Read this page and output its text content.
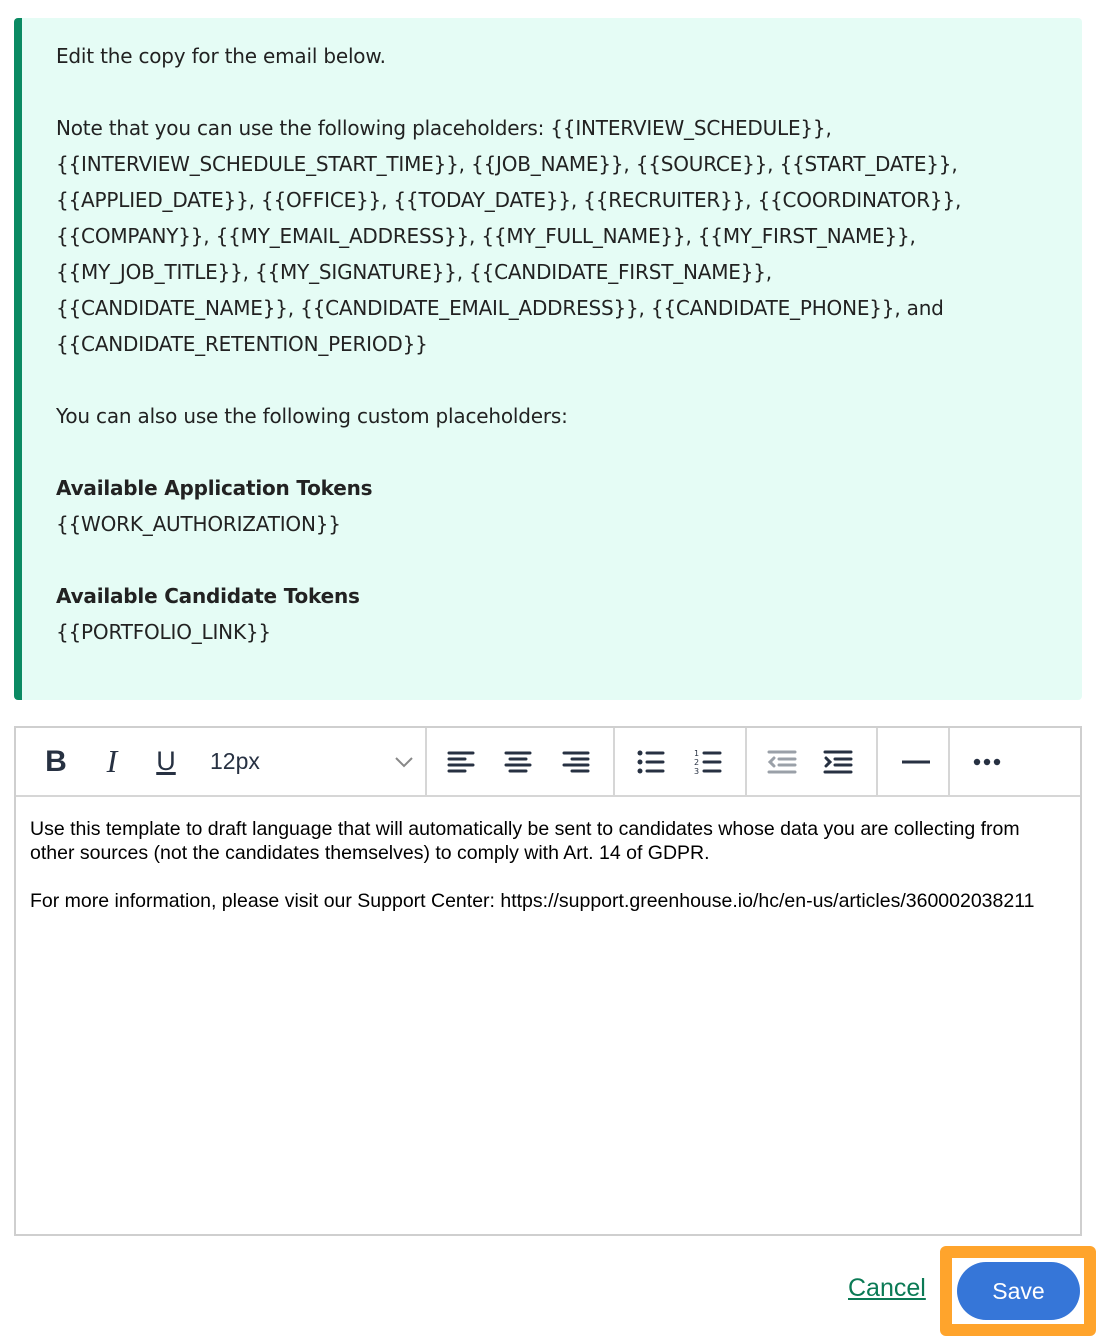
Edit the copy for the email below.

Note that you can use the following placeholders: {{INTERVIEW_SCHEDULE}},

{{INTERVIEW_SCHEDULE_START_TIME}}, {{JOB_NAME}}, {{SOURCE}}, {{START_DATE}},

{{APPLIED_DATE}}, {{OFFICE}}, {{TODAY_DATE}}, {{RECRUITER}}, {{COORDINATOR}},

{{COMPANY}}, {{MY_EMAIL_ADDRESS}}, {{MY_FULL_NAME}}, {{MY_FIRST_NAME}},

{{MY_JOB_TITLE}}, {{MY_SIGNATURE}}, {{CANDIDATE_FIRST_NAME}},

{{CANDIDATE_NAME}}, {{CANDIDATE_EMAIL_ADDRESS}}, {{CANDIDATE_PHONE}}, and

{{CANDIDATE_RETENTION_PERIOD}}

You can also use the following custom placeholders:

Available Application Tokens

{{WORK_AUTHORIZATION}}

Available Candidate Tokens

{{PORTFOLIO_LINK}}

B I U 12px	1
2
3

Use this template to draft language that will automatically be sent to candidates whose data you are collecting from other sources (not the candidates themselves) to comply with Art. 14 of GDPR.

For more information, please visit our Support Center: https://support.greenhouse.io/hc/en-us/articles/360002038211

Cancel	Save
